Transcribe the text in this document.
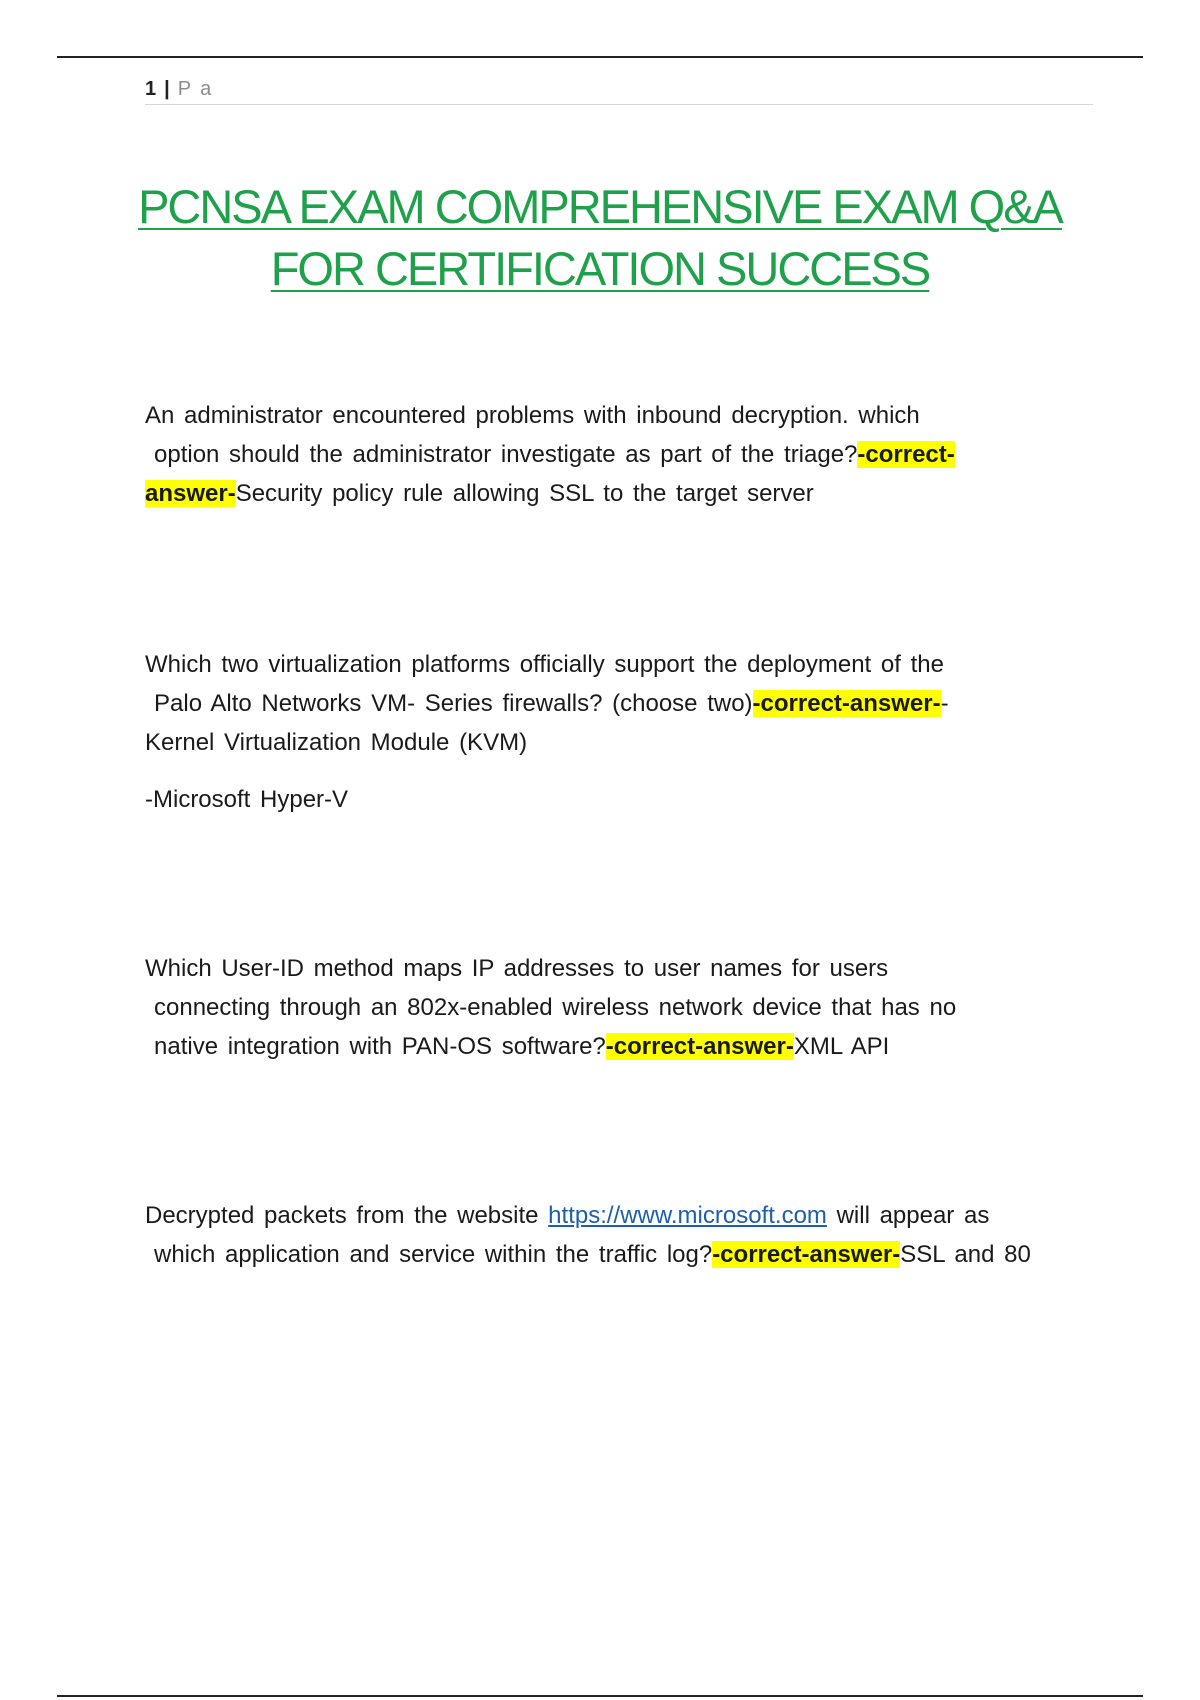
1 | Pa
PCNSA EXAM COMPREHENSIVE EXAM Q&A
FOR CERTIFICATION SUCCESS

An administrator encountered problems with inbound decryption. which

option should the administrator investigate as part of the triage?-correct-

answer-Security policy rule allowing SSL to the target server

Which two virtualization platforms officially support the deployment of the

Palo Alto Networks VM- Series firewalls? (choose two)-correct-answer--

Kernel Virtualization Module (KVM)

-Microsoft Hyper-V

Which User-ID method maps IP addresses to user names for users

connecting through an 802x-enabled wireless network device that has no

native integration with PAN-OS software?-correct-answer-XML API

Decrypted packets from the website https://www.microsoft.com will appear as

which application and service within the traffic log?-correct-answer-SSL and 80
